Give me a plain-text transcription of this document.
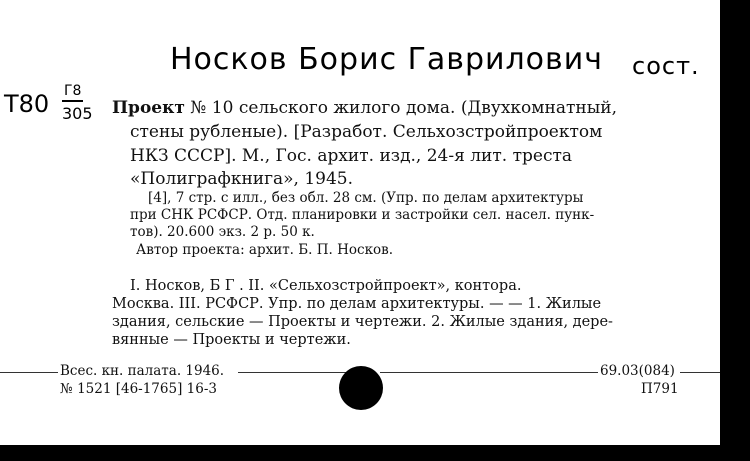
Носков Борис Гаврилович сост.
Т80 Г8
305 Проект № 10 сельского жилого дома. (Двухкомнатный,
стены рубленые). [Разработ. Сельхозстройпроектом
НКЗ СССР]. М., Гос. архит. изд., 24-я лит. треста
«Полиграфкнига», 1945.
[4], 7 стр. с илл., без обл. 28 см. (Упр. по делам архитектуры
при СНК РСФСР. Отд. планировки и застройки сел. насел. пунк-
тов). 20.600 экз. 2 р. 50 к.
Автор проекта: архит. Б. П. Носков.
I. Носков, Б Г . II. «Сельхозстройпроект», контора.
Москва. III. РСФСР. Упр. по делам архитектуры. — — 1. Жилые
здания, сельские — Проекты и чертежи. 2. Жилые здания, дере-
вянные — Проекты и чертежи.
Всес. кн. палата. 1946.	69.03(084)
№ 1521 [46-1765] 16-3	П791
